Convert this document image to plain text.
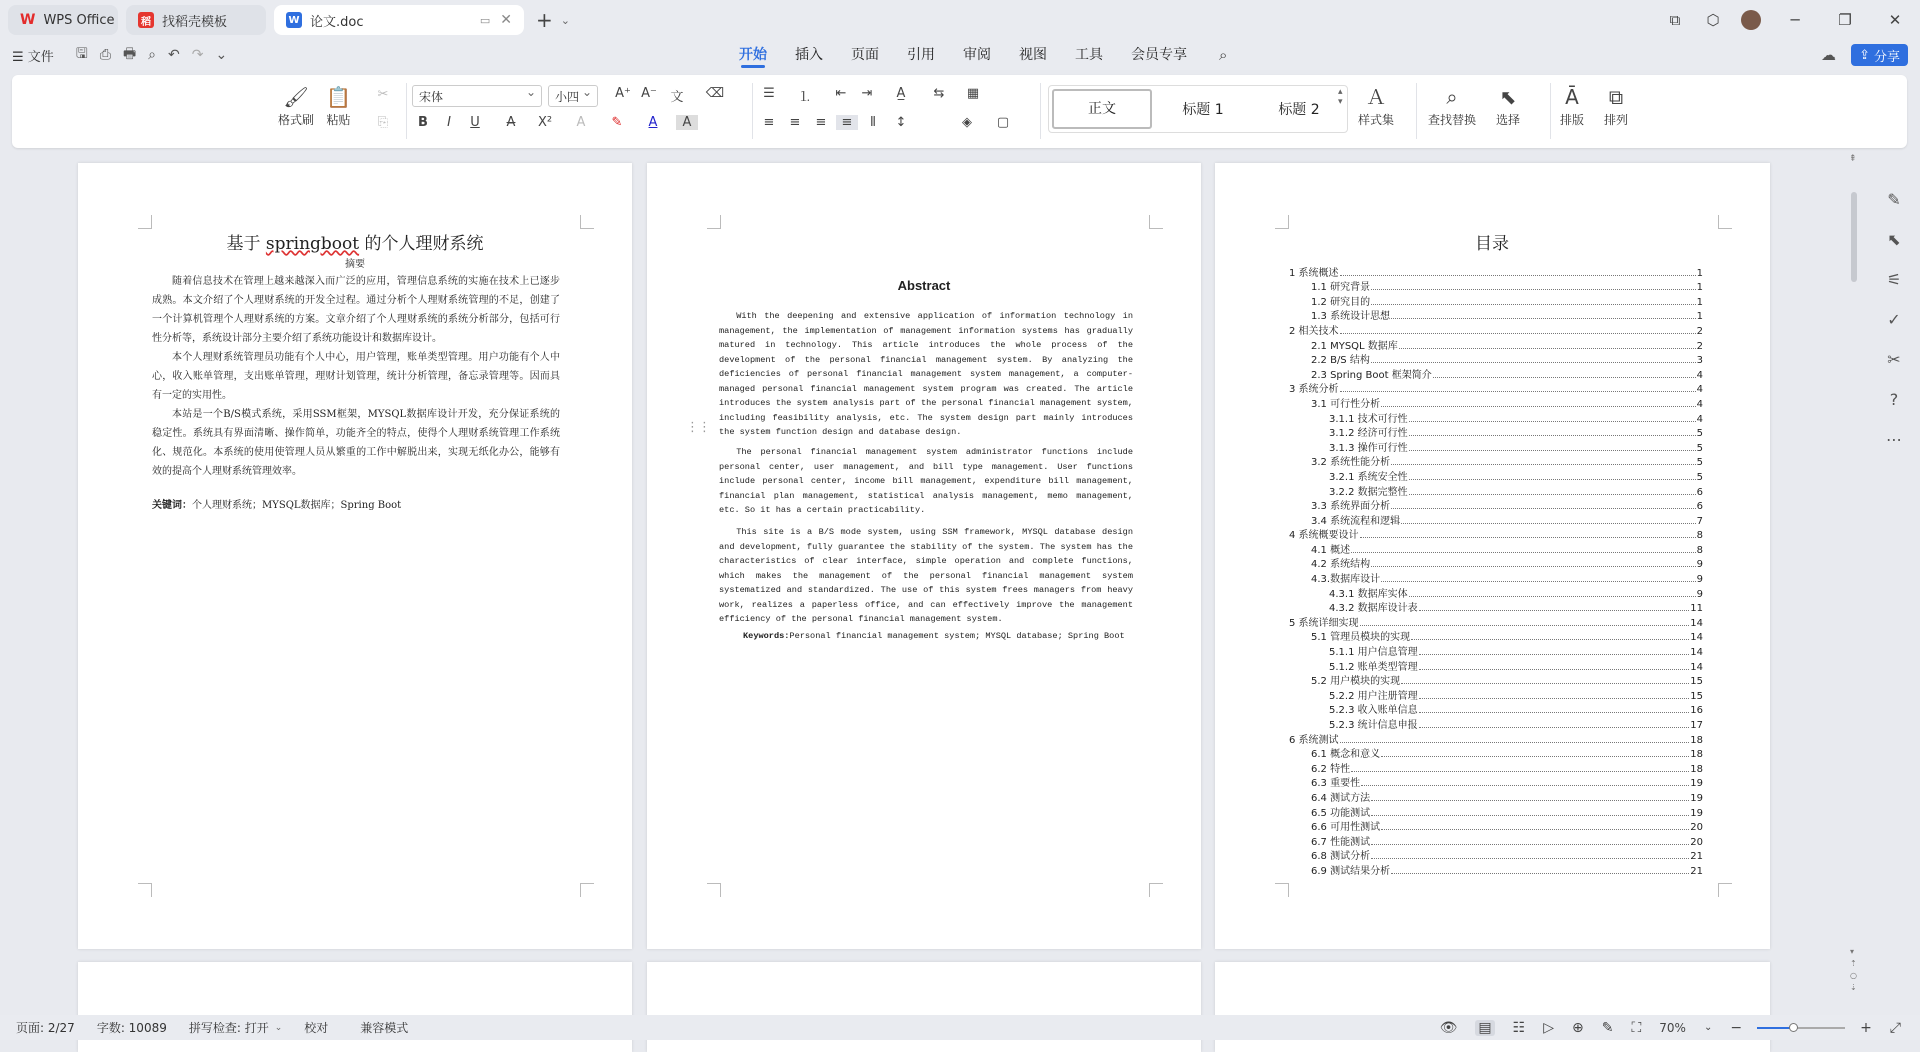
W WPS Office	稻 找稻壳模板	W 论文.doc	▭ ✕ + ⌄	⧉	⬡	─	❐	✕
☰ 文件 🖫 ⎙ 🖶 ⌕ ↶ ↷ ⌄	开始 插入 页面 引用 审阅 视图 工具 会员专享 ⌕	☁ ⇪ 分享
🖌
格式刷
📋
粘贴
✂
⎘
宋体 ⌄	小四 ⌄	A⁺ A⁻	文	⌫
B	I	U	A	X²	A	✎	A	A
☰	⒈	⇤	⇥	A̲	⇆	▦
≡	≡	≡	≡	⫴	↕	◈	▢
正文	标题 1	标题 2
▴
▾ Ａ
样式集
⌕
查找替换
⬉
选择
Ā
排版
⧉
排列
基于 springboot 的个人理财系统
摘要

随着信息技术在管理上越来越深入而广泛的应用，管理信息系统的实施在技术上已逐步成熟。本文介绍了个人理财系统的开发全过程。通过分析个人理财系统管理的不足，创建了一个计算机管理个人理财系统的方案。文章介绍了个人理财系统的系统分析部分，包括可行性分析等，系统设计部分主要介绍了系统功能设计和数据库设计。

本个人理财系统管理员功能有个人中心，用户管理，账单类型管理。用户功能有个人中心，收入账单管理，支出账单管理，理财计划管理，统计分析管理，备忘录管理等。因而具有一定的实用性。

本站是一个B/S模式系统，采用SSM框架，MYSQL数据库设计开发，充分保证系统的稳定性。系统具有界面清晰、操作简单，功能齐全的特点，使得个人理财系统管理工作系统化、规范化。本系统的使用使管理人员从繁重的工作中解脱出来，实现无纸化办公，能够有效的提高个人理财系统管理效率。

关键词：个人理财系统；MYSQL数据库；Spring Boot
Abstract

With the deepening and extensive application of information technology in management, the implementation of management information systems has gradually matured in technology. This article introduces the whole process of the development of the personal financial management system. By analyzing the deficiencies of personal financial management system management, a computer-managed personal financial management system program was created. The article introduces the system analysis part of the personal financial management system, including feasibility analysis, etc. The system design part mainly introduces the system function design and database design.

The personal financial management system administrator functions include personal center, user management, and bill type management. User functions include personal center, income bill management, expenditure bill management, financial plan management, statistical analysis management, memo management, etc. So it has a certain practicability.

This site is a B/S mode system, using SSM framework, MYSQL database design and development, fully guarantee the stability of the system. The system has the characteristics of clear interface, simple operation and complete functions, which makes the management of the personal financial management system systematized and standardized. The use of this system frees managers from heavy work, realizes a paperless office, and can effectively improve the management efficiency of the personal financial management system.

Keywords:Personal financial management system; MYSQL database; Spring Boot
⋮⋮
目录
1 系统概述	1
1.1 研究背景	1
1.2 研究目的	1
1.3 系统设计思想	1
2 相关技术	2
2.1 MYSQL 数据库	2
2.2 B/S 结构	3
2.3 Spring Boot 框架简介	4
3 系统分析	4
3.1 可行性分析	4
3.1.1 技术可行性	4
3.1.2 经济可行性	5
3.1.3 操作可行性	5
3.2 系统性能分析	5
3.2.1 系统安全性	5
3.2.2 数据完整性	6
3.3 系统界面分析	6
3.4 系统流程和逻辑	7
4 系统概要设计	8
4.1 概述	8
4.2 系统结构	9
4.3.数据库设计	9
4.3.1 数据库实体	9
4.3.2 数据库设计表	11
5 系统详细实现	14
5.1 管理员模块的实现	14
5.1.1 用户信息管理	14
5.1.2 账单类型管理	14
5.2 用户模块的实现	15
5.2.2 用户注册管理	15
5.2.3 收入账单信息	16
5.2.3 统计信息申报	17
6 系统测试	18
6.1 概念和意义	18
6.2 特性	18
6.3 重要性	19
6.4 测试方法	19
6.5 功能测试	19
6.6 可用性测试	20
6.7 性能测试	20
6.8 测试分析	21
6.9 测试结果分析	21
⇞
▾
⇡
○
⇣
✎
⬉
⚟
✓
✂
?
⋯
页面: 2/27 字数: 10089 拼写检查: 打开 ⌄ 校对	兼容模式	👁 ▤ ☷ ▷ ⊕ ✎ ⛶ 70% ⌄ −	+ ⤢
